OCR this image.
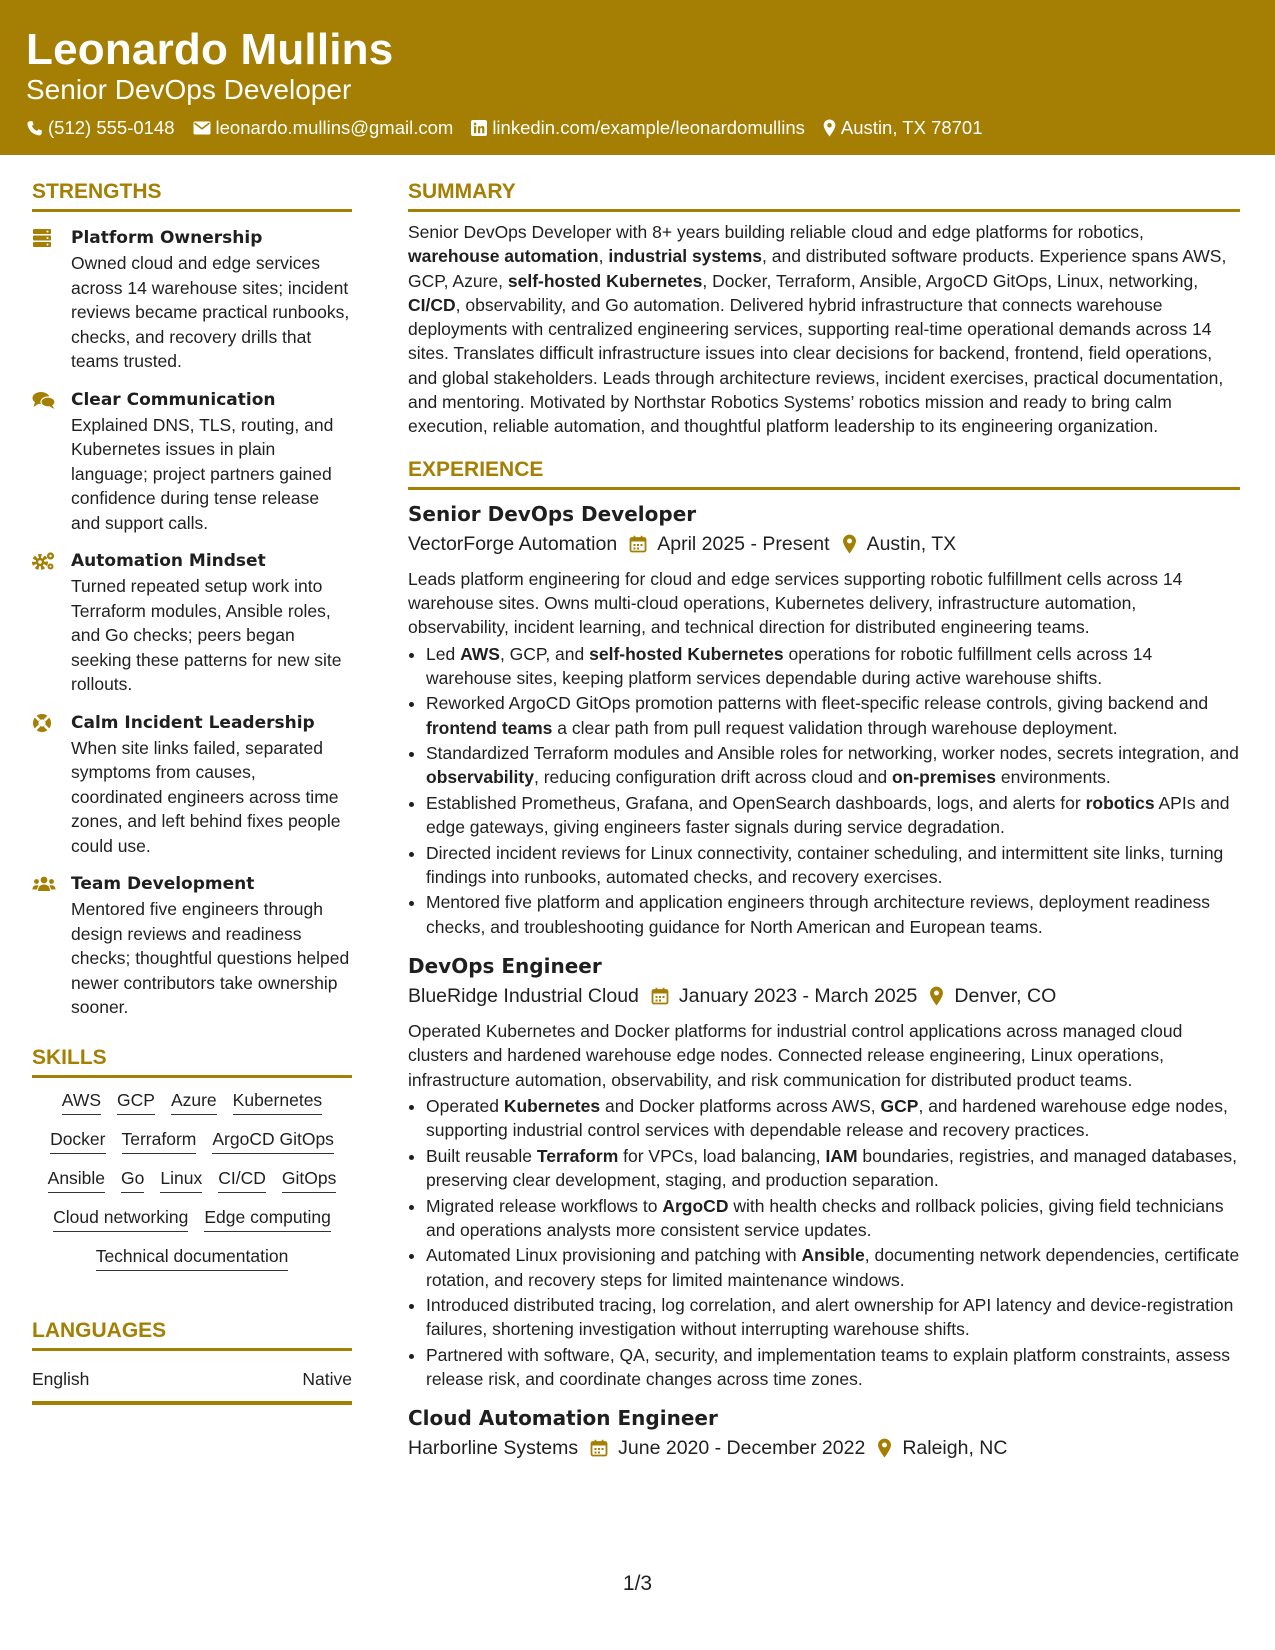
Leonardo Mullins
Senior DevOps Developer
(512) 555-0148 leonardo.mullins@gmail.com linkedin.com/example/leonardomullins Austin, TX 78701
STRENGTHS
Platform Ownership
Owned cloud and edge services across 14 warehouse sites; incident reviews became practical runbooks, checks, and recovery drills that teams trusted.
Clear Communication
Explained DNS, TLS, routing, and Kubernetes issues in plain language; project partners gained confidence during tense release and support calls.
Automation Mindset
Turned repeated setup work into Terraform modules, Ansible roles, and Go checks; peers began seeking these patterns for new site rollouts.
Calm Incident Leadership
When site links failed, separated symptoms from causes, coordinated engineers across time zones, and left behind fixes people could use.
Team Development
Mentored five engineers through design reviews and readiness checks; thoughtful questions helped newer contributors take ownership sooner.
SKILLS
AWS GCP Azure Kubernetes
Docker Terraform ArgoCD GitOps
Ansible Go Linux CI/CD GitOps
Cloud networking Edge computing
Technical documentation
LANGUAGES
English	Native
SUMMARY
Senior DevOps Developer with 8+ years building reliable cloud and edge platforms for robotics, warehouse automation, industrial systems, and distributed software products. Experience spans AWS, GCP, Azure, self-hosted Kubernetes, Docker, Terraform, Ansible, ArgoCD GitOps, Linux, networking, CI/CD, observability, and Go automation. Delivered hybrid infrastructure that connects warehouse deployments with centralized engineering services, supporting real-time operational demands across 14 sites. Translates difficult infrastructure issues into clear decisions for backend, frontend, field operations, and global stakeholders. Leads through architecture reviews, incident exercises, practical documentation, and mentoring. Motivated by Northstar Robotics Systems’ robotics mission and ready to bring calm execution, reliable automation, and thoughtful platform leadership to its engineering organization.
EXPERIENCE
Senior DevOps Developer
VectorForge Automation April 2025 - Present Austin, TX
Leads platform engineering for cloud and edge services supporting robotic fulfillment cells across 14 warehouse sites. Owns multi-cloud operations, Kubernetes delivery, infrastructure automation, observability, incident learning, and technical direction for distributed engineering teams.
• Led AWS, GCP, and self-hosted Kubernetes operations for robotic fulfillment cells across 14 warehouse sites, keeping platform services dependable during active warehouse shifts.
• Reworked ArgoCD GitOps promotion patterns with fleet-specific release controls, giving backend and frontend teams a clear path from pull request validation through warehouse deployment.
• Standardized Terraform modules and Ansible roles for networking, worker nodes, secrets integration, and observability, reducing configuration drift across cloud and on-premises environments.
• Established Prometheus, Grafana, and OpenSearch dashboards, logs, and alerts for robotics APIs and edge gateways, giving engineers faster signals during service degradation.
• Directed incident reviews for Linux connectivity, container scheduling, and intermittent site links, turning findings into runbooks, automated checks, and recovery exercises.
• Mentored five platform and application engineers through architecture reviews, deployment readiness checks, and troubleshooting guidance for North American and European teams.
DevOps Engineer
BlueRidge Industrial Cloud January 2023 - March 2025 Denver, CO
Operated Kubernetes and Docker platforms for industrial control applications across managed cloud clusters and hardened warehouse edge nodes. Connected release engineering, Linux operations, infrastructure automation, observability, and risk communication for distributed product teams.
• Operated Kubernetes and Docker platforms across AWS, GCP, and hardened warehouse edge nodes, supporting industrial control services with dependable release and recovery practices.
• Built reusable Terraform for VPCs, load balancing, IAM boundaries, registries, and managed databases, preserving clear development, staging, and production separation.
• Migrated release workflows to ArgoCD with health checks and rollback policies, giving field technicians and operations analysts more consistent service updates.
• Automated Linux provisioning and patching with Ansible, documenting network dependencies, certificate rotation, and recovery steps for limited maintenance windows.
• Introduced distributed tracing, log correlation, and alert ownership for API latency and device-registration failures, shortening investigation without interrupting warehouse shifts.
• Partnered with software, QA, security, and implementation teams to explain platform constraints, assess release risk, and coordinate changes across time zones.
Cloud Automation Engineer
Harborline Systems June 2020 - December 2022 Raleigh, NC
1/3
